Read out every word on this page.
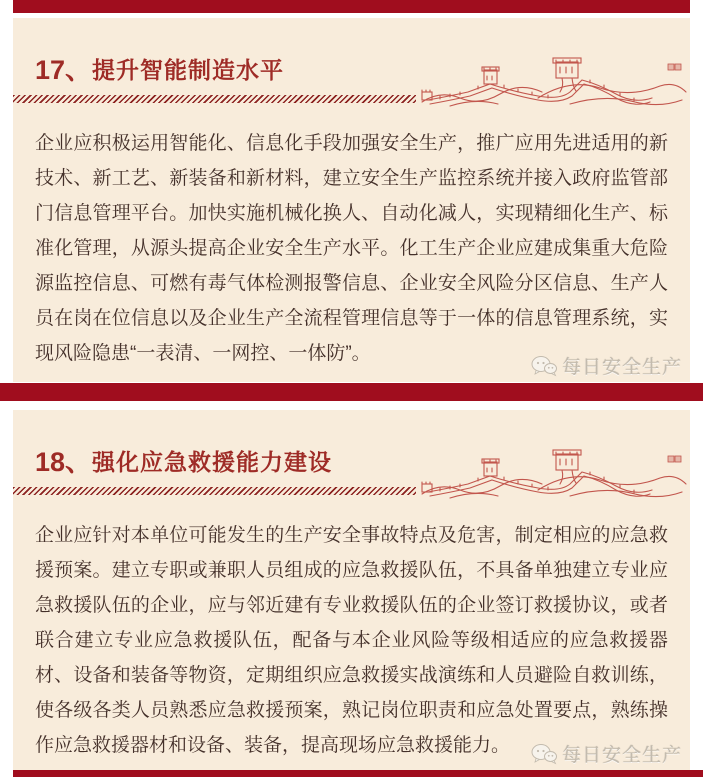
17、提升智能制造水平
企业应积极运用智能化、信息化手段加强安全生产，推广应用先进适用的新技术、新工艺、新装备和新材料，建立安全生产监控系统并接入政府监管部门信息管理平台。加快实施机械化换人、自动化减人，实现精细化生产、标准化管理，从源头提高企业安全生产水平。化工生产企业应建成集重大危险源监控信息、可燃有毒气体检测报警信息、企业安全风险分区信息、生产人员在岗在位信息以及企业生产全流程管理信息等于一体的信息管理系统，实现风险隐患“一表清、一网控、一体防”。
每日安全生产
18、强化应急救援能力建设
企业应针对本单位可能发生的生产安全事故特点及危害，制定相应的应急救援预案。建立专职或兼职人员组成的应急救援队伍，不具备单独建立专业应急救援队伍的企业，应与邻近建有专业救援队伍的企业签订救援协议，或者联合建立专业应急救援队伍，配备与本企业风险等级相适应的应急救援器材、设备和装备等物资，定期组织应急救援实战演练和人员避险自救训练，使各级各类人员熟悉应急救援预案，熟记岗位职责和应急处置要点，熟练操作应急救援器材和设备、装备，提高现场应急救援能力。	每日安全生产
